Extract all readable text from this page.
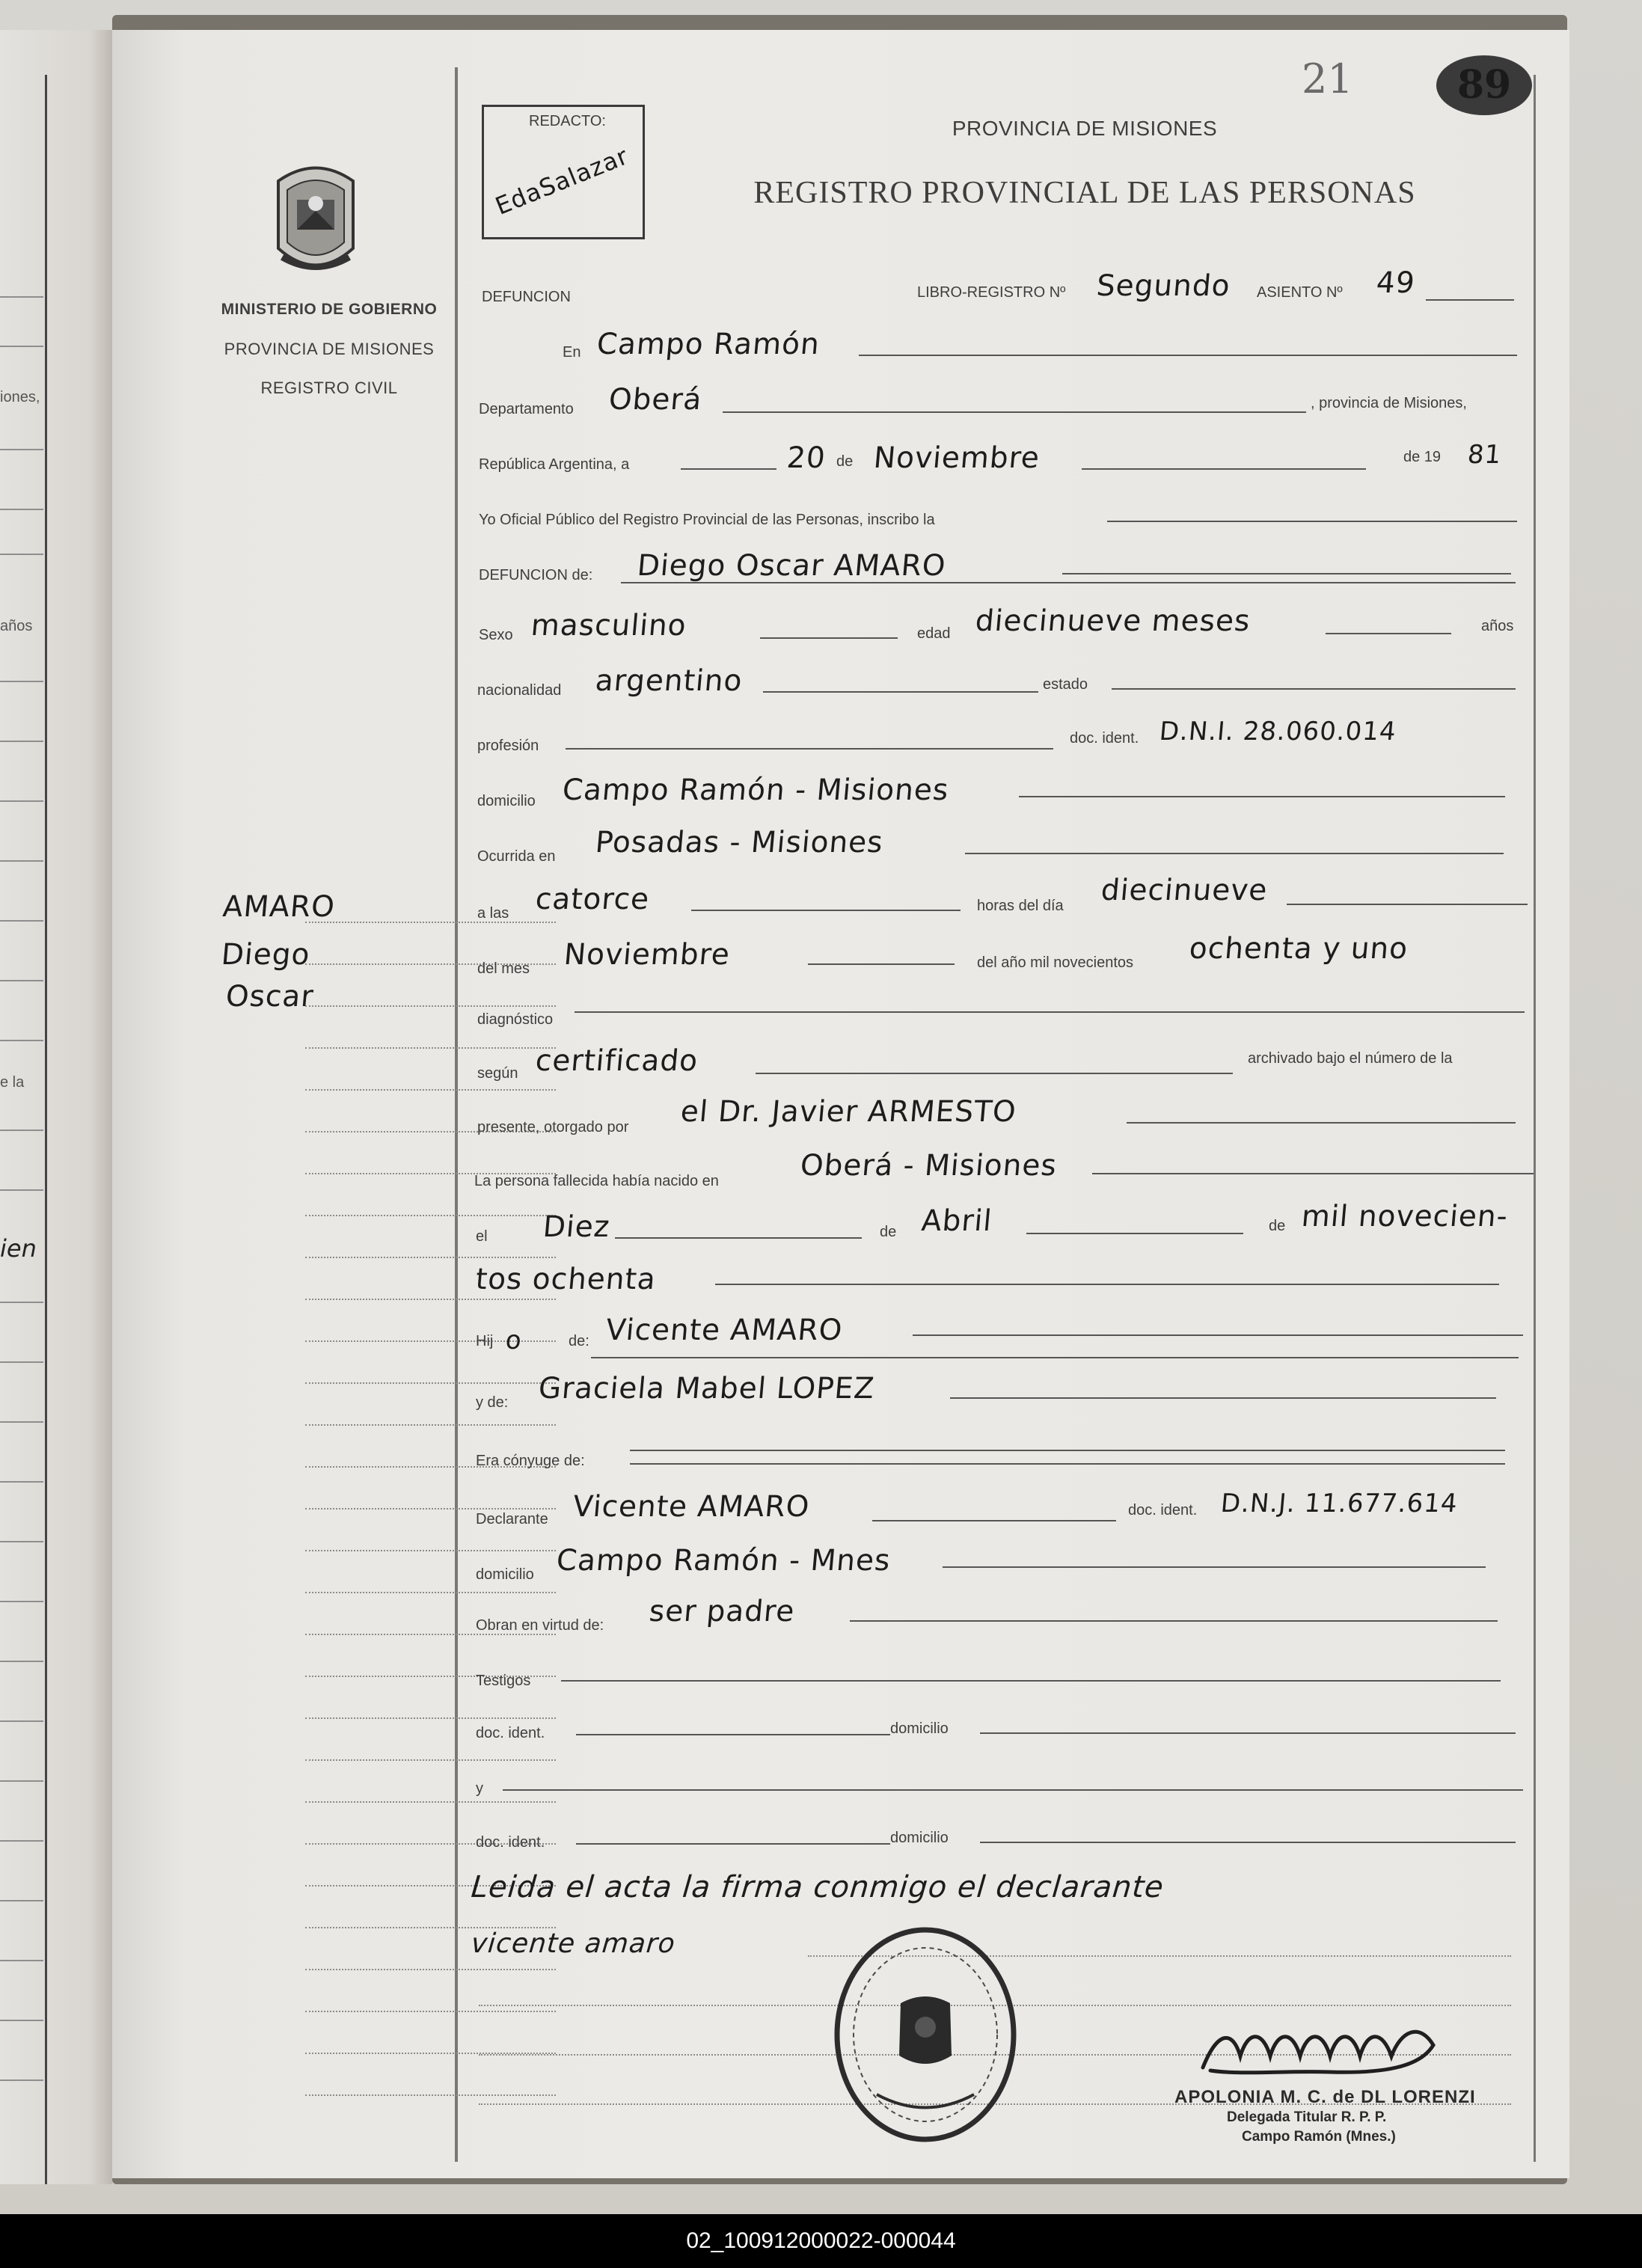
iones,
años
e la
ien
MINISTERIO DE GOBIERNO
PROVINCIA DE MISIONES
REGISTRO CIVIL
AMARO
Diego
Oscar
REDACTO:
EdaSalazar
21	89
PROVINCIA DE MISIONES
REGISTRO PROVINCIAL DE LAS PERSONAS
DEFUNCION	LIBRO-REGISTRO Nº Segundo ASIENTO Nº 49
En Campo Ramón
Departamento Oberá	, provincia de Misiones,
República Argentina, a	20 de Noviembre	de 19 81
Yo Oficial Público del Registro Provincial de las Personas, inscribo la
DEFUNCION de: Diego Oscar AMARO
Sexo masculino	edad diecinueve meses	años
nacionalidad argentino	estado
profesión	doc. ident. D.N.I. 28.060.014
domicilio Campo Ramón - Misiones
Ocurrida en Posadas - Misiones
a las catorce	horas del día diecinueve
del mes Noviembre	del año mil novecientos ochenta y uno
diagnóstico
según certificado	archivado bajo el número de la
presente, otorgado por el Dr. Javier ARMESTO
La persona fallecida había nacido en	Oberá - Misiones
el Diez	de Abril	de mil novecien-
tos ochenta
Hij o	de: Vicente AMARO
y de: Graciela Mabel LOPEZ
Era cónyuge de:
Declarante Vicente AMARO	doc. ident. D.N.J. 11.677.614
domicilio Campo Ramón - Mnes
Obran en virtud de: ser padre
Testigos
doc. ident.	domicilio
y
doc. ident.	domicilio
Leida el acta la firma conmigo el declarante
vicente amaro
APOLONIA M. C. de DL LORENZI
Delegada Titular R. P. P.
Campo Ramón (Mnes.)
02_100912000022-000044
